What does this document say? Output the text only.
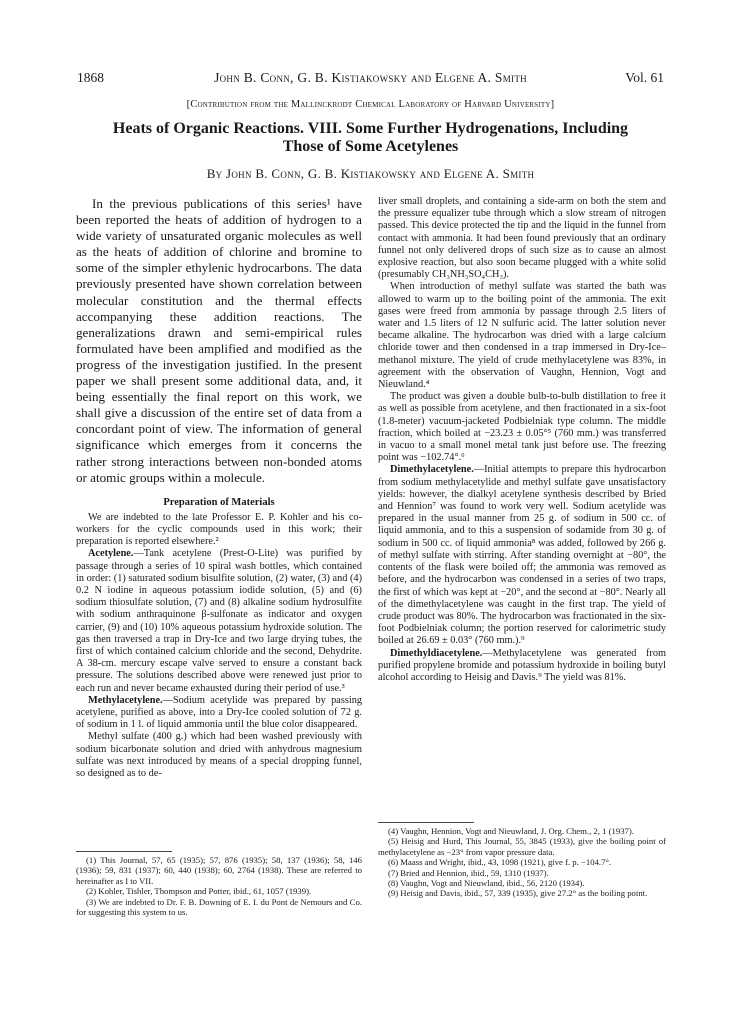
1868	John B. Conn, G. B. Kistiakowsky and Elgene A. Smith	Vol. 61
[Contribution from the Mallinckrodt Chemical Laboratory of Harvard University]
Heats of Organic Reactions. VIII. Some Further Hydrogenations, Including
Those of Some Acetylenes
By John B. Conn, G. B. Kistiakowsky and Elgene A. Smith

In the previous publications of this series¹ have been reported the heats of addition of hydrogen to a wide variety of unsaturated organic molecules as well as the heats of addition of chlorine and bromine to some of the simpler ethylenic hydrocarbons. The data previously presented have shown correlation between molecular constitution and the thermal effects accompanying these addition reactions. The generalizations drawn and semi-empirical rules formulated have been amplified and modified as the progress of the investigation justified. In the present paper we shall present some additional data, and, it being essentially the final report on this work, we shall give a discussion of the entire set of data from a concordant point of view. The information of general significance which emerges from it concerns the rather strong interactions between non-bonded atoms or atomic groups within a molecule.

Preparation of Materials

We are indebted to the late Professor E. P. Kohler and his co-workers for the cyclic compounds used in this work; their preparation is reported elsewhere.²

Acetylene.—Tank acetylene (Prest-O-Lite) was purified by passage through a series of 10 spiral wash bottles, which contained in order: (1) saturated sodium bisulfite solution, (2) water, (3) and (4) 0.2 N iodine in aqueous potassium iodide solution, (5) and (6) sodium thiosulfate solution, (7) and (8) alkaline sodium hydrosulfite with sodium anthraquinone β-sulfonate as indicator and oxygen carrier, (9) and (10) 10% aqueous potassium hydroxide solution. The gas then traversed a trap in Dry-Ice and two large drying tubes, the first of which contained calcium chloride and the second, Dehydrite. A 38-cm. mercury escape valve served to ensure a constant back pressure. The solutions described above were renewed just prior to each run and never became exhausted during their period of use.³

Methylacetylene.—Sodium acetylide was prepared by passing acetylene, purified as above, into a Dry-Ice cooled solution of 72 g. of sodium in 1 l. of liquid ammonia until the blue color disappeared.

Methyl sulfate (400 g.) which had been washed previously with sodium bicarbonate solution and dried with anhydrous magnesium sulfate was next introduced by means of a special dropping funnel, so designed as to de-

liver small droplets, and containing a side-arm on both the stem and the pressure equalizer tube through which a slow stream of nitrogen passed. This device protected the tip and the liquid in the funnel from contact with ammonia. It had been found previously that an ordinary funnel not only delivered drops of such size as to cause an almost explosive reaction, but also soon became plugged with a white solid (presumably CH₃NH₃SO₄CH₃).

When introduction of methyl sulfate was started the bath was allowed to warm up to the boiling point of the ammonia. The exit gases were freed from ammonia by passage through 2.5 liters of water and 1.5 liters of 12 N sulfuric acid. The latter solution never became alkaline. The hydrocarbon was dried with a large calcium chloride tower and then condensed in a trap immersed in Dry-Ice–methanol mixture. The yield of crude methylacetylene was 83%, in agreement with the observation of Vaughn, Hennion, Vogt and Nieuwland.⁴

The product was given a double bulb-to-bulb distillation to free it as well as possible from acetylene, and then fractionated in a six-foot (1.8-meter) vacuum-jacketed Podbielniak type column. The middle fraction, which boiled at −23.23 ± 0.05°⁵ (760 mm.) was transferred in vacuo to a small monel metal tank just before use. The freezing point was −102.74°.⁶

Dimethylacetylene.—Initial attempts to prepare this hydrocarbon from sodium methylacetylide and methyl sulfate gave unsatisfactory yields: however, the dialkyl acetylene synthesis described by Bried and Hennion⁷ was found to work very well. Sodium acetylide was prepared in the usual manner from 25 g. of sodium in 500 cc. of liquid ammonia, and to this a suspension of sodamide from 30 g. of sodium in 500 cc. of liquid ammonia⁸ was added, followed by 266 g. of methyl sulfate with stirring. After standing overnight at −80°, the contents of the flask were boiled off; the ammonia was removed as before, and the hydrocarbon was condensed in a series of two traps, the first of which was kept at −20°, and the second at −80°. Nearly all of the dimethylacetylene was caught in the first trap. The yield of crude product was 80%. The hydrocarbon was fractionated in the six-foot Podbielniak column; the portion reserved for calorimetric study boiled at 26.69 ± 0.03° (760 mm.).⁹

Dimethyldiacetylene.—Methylacetylene was generated from purified propylene bromide and potassium hydroxide in boiling butyl alcohol according to Heisig and Davis.⁹ The yield was 81%.

(1) This Journal, 57, 65 (1935); 57, 876 (1935); 58, 137 (1936); 58, 146 (1936); 59, 831 (1937); 60, 440 (1938); 60, 2764 (1938). These are referred to hereinafter as I to VII.

(2) Kohler, Tishler, Thompson and Potter, ibid., 61, 1057 (1939).

(3) We are indebted to Dr. F. B. Downing of E. I. du Pont de Nemours and Co. for suggesting this system to us.

(4) Vaughn, Hennion, Vogt and Nieuwland, J. Org. Chem., 2, 1 (1937).

(5) Heisig and Hurd, This Journal, 55, 3845 (1933), give the boiling point of methylacetylene as −23° from vapor pressure data.

(6) Maass and Wright, ibid., 43, 1098 (1921), give f. p. −104.7°.

(7) Bried and Hennion, ibid., 59, 1310 (1937).

(8) Vaughn, Vogt and Nieuwland, ibid., 56, 2120 (1934).

(9) Heisig and Davis, ibid., 57, 339 (1935), give 27.2° as the boiling point.
